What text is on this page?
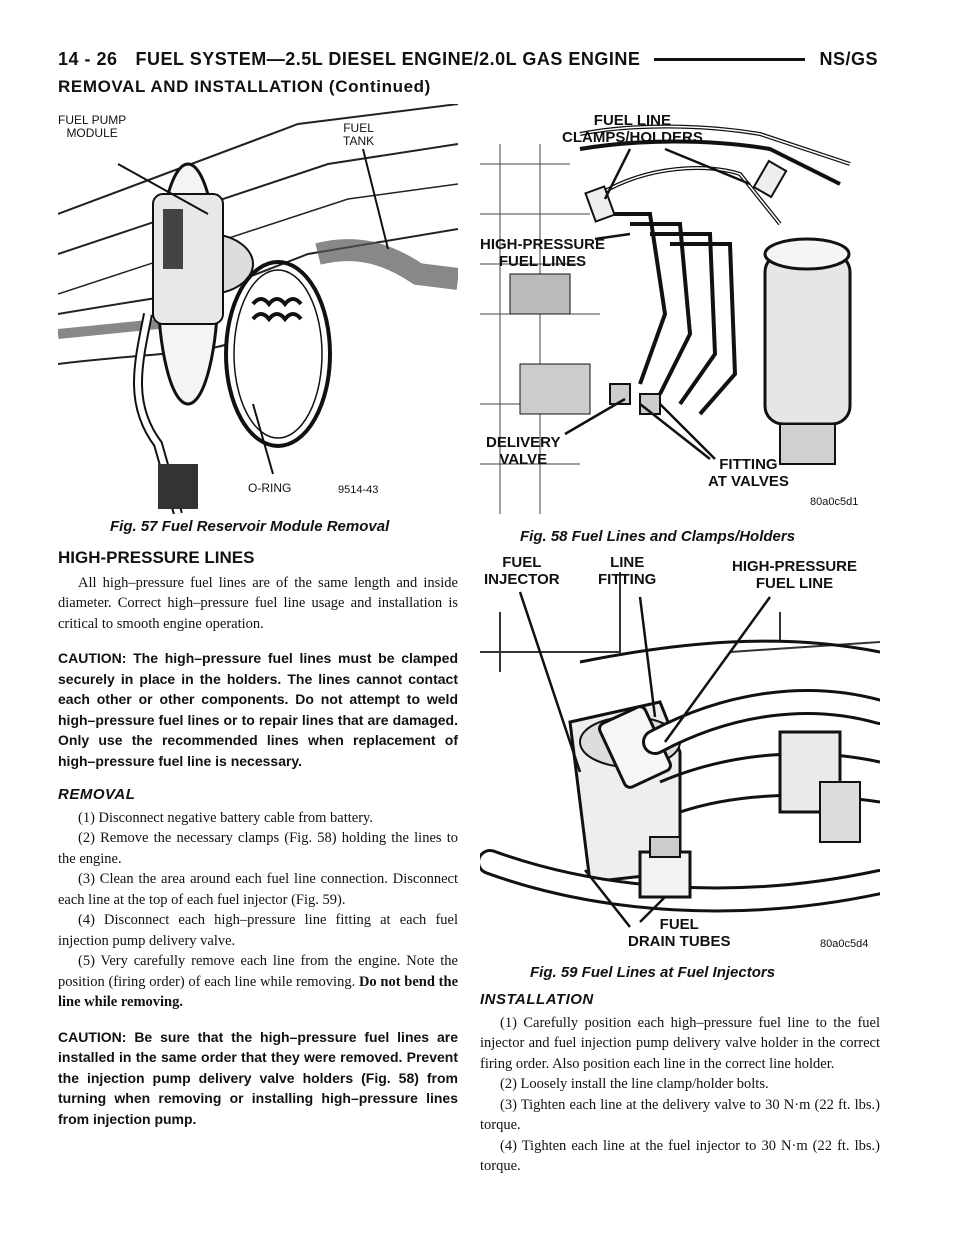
14 - 26 FUEL SYSTEM—2.5L DIESEL ENGINE/2.0L GAS ENGINE	NS/GS
REMOVAL AND INSTALLATION (Continued)
FUEL PUMP
MODULE	FUEL
TANK
O-RING	9514-43
Fig. 57 Fuel Reservoir Module Removal
FUEL LINE
CLAMPS/HOLDERS
HIGH-PRESSURE
FUEL LINES
DELIVERY
VALVE	FITTING
AT VALVES
80a0c5d1
Fig. 58 Fuel Lines and Clamps/Holders
FUEL
INJECTOR
LINE
FITTING
HIGH-PRESSURE
FUEL LINE
FUEL
DRAIN TUBES	80a0c5d4
Fig. 59 Fuel Lines at Fuel Injectors
HIGH-PRESSURE LINES

All high–pressure fuel lines are of the same length and inside diameter. Correct high–pressure fuel line usage and installation is critical to smooth engine operation.

CAUTION: The high–pressure fuel lines must be clamped securely in place in the holders. The lines cannot contact each other or other components. Do not attempt to weld high–pressure fuel lines or to repair lines that are damaged. Only use the recommended lines when replacement of high–pressure fuel line is necessary.

REMOVAL

(1) Disconnect negative battery cable from battery.

(2) Remove the necessary clamps (Fig. 58) holding the lines to the engine.

(3) Clean the area around each fuel line connection. Disconnect each line at the top of each fuel injector (Fig. 59).

(4) Disconnect each high–pressure line fitting at each fuel injection pump delivery valve.

(5) Very carefully remove each line from the engine. Note the position (firing order) of each line while removing. Do not bend the line while removing.

CAUTION: Be sure that the high–pressure fuel lines are installed in the same order that they were removed. Prevent the injection pump delivery valve holders (Fig. 58) from turning when removing or installing high–pressure lines from injection pump.

INSTALLATION

(1) Carefully position each high–pressure fuel line to the fuel injector and fuel injection pump delivery valve holder in the correct firing order. Also position each line in the correct line holder.

(2) Loosely install the line clamp/holder bolts.

(3) Tighten each line at the delivery valve to 30 N·m (22 ft. lbs.) torque.

(4) Tighten each line at the fuel injector to 30 N·m (22 ft. lbs.) torque.
